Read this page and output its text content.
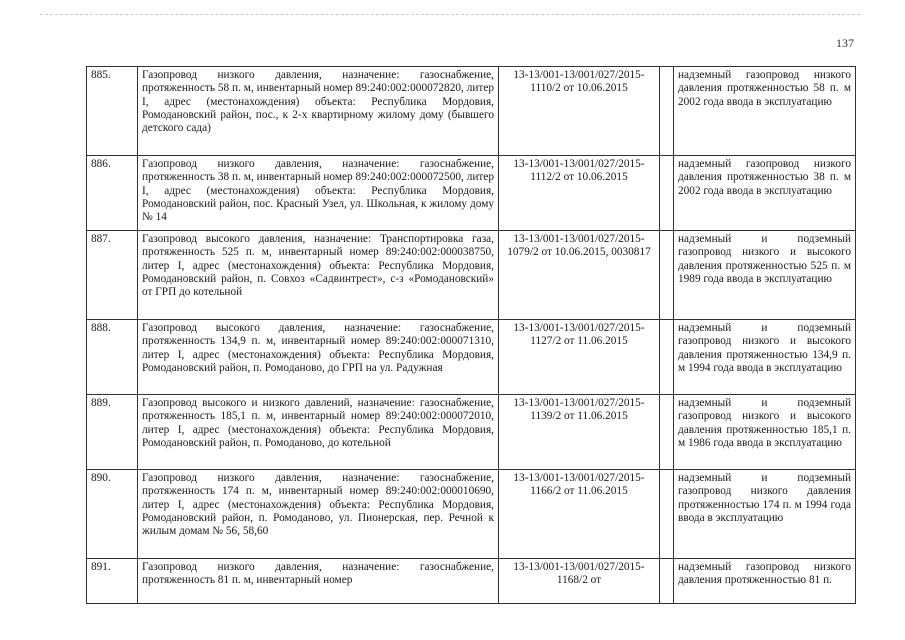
137
885.	Газопровод низкого давления, назначение: газоснабжение, протяженность 58 п. м, инвентарный номер 89:240:002:000072820, литер I, адрес (местонахождения) объекта: Республика Мордовия, Ромодановский район, пос., к 2-х квартирному жилому дому (бывшего детского сада)	13-13/001-13/001/027/2015-1110/2 от 10.06.2015		надземный газопровод низкого давления протяженностью 58 п. м 2002 года ввода в эксплуатацию
886.	Газопровод низкого давления, назначение: газоснабжение, протяженность 38 п. м, инвентарный номер 89:240:002:000072500, литер I, адрес (местонахождения) объекта: Республика Мордовия, Ромодановский район, пос. Красный Узел, ул. Школьная, к жилому дому № 14	13-13/001-13/001/027/2015-1112/2 от 10.06.2015		надземный газопровод низкого давления протяженностью 38 п. м 2002 года ввода в эксплуатацию
887.	Газопровод высокого давления, назначение: Транспортировка газа, протяженность 525 п. м, инвентарный номер 89:240:002:000038750, литер I, адрес (местонахождения) объекта: Республика Мордовия, Ромодановский район, п. Совхоз «Садвинтрест», с-з «Ромодановский» от ГРП до котельной	13-13/001-13/001/027/2015-1079/2 от 10.06.2015, 0030817		надземный и подземный газопровод низкого и высокого давления протяженностью 525 п. м 1989 года ввода в эксплуатацию
888.	Газопровод высокого давления, назначение: газоснабжение, протяженность 134,9 п. м, инвентарный номер 89:240:002:000071310, литер I, адрес (местонахождения) объекта: Республика Мордовия, Ромодановский район, п. Ромоданово, до ГРП на ул. Радужная	13-13/001-13/001/027/2015-1127/2 от 11.06.2015		надземный и подземный газопровод низкого и высокого давления протяженностью 134,9 п. м 1994 года ввода в эксплуатацию
889.	Газопровод высокого и низкого давлений, назначение: газоснабжение, протяженность 185,1 п. м, инвентарный номер 89:240:002:000072010, литер I, адрес (местонахождения) объекта: Республика Мордовия, Ромодановский район, п. Ромоданово, до котельной	13-13/001-13/001/027/2015-1139/2 от 11.06.2015		надземный и подземный газопровод низкого и высокого давления протяженностью 185,1 п. м 1986 года ввода в эксплуатацию
890.	Газопровод низкого давления, назначение: газоснабжение, протяженность 174 п. м, инвентарный номер 89:240:002:000010690, литер I, адрес (местонахождения) объекта: Республика Мордовия, Ромодановский район, п. Ромоданово, ул. Пионерская, пер. Речной к жилым домам № 56, 58,60	13-13/001-13/001/027/2015-1166/2 от 11.06.2015		надземный и подземный газопровод низкого давления протяженностью 174 п. м 1994 года ввода в эксплуатацию
891.	Газопровод низкого давления, назначение: газоснабжение, протяженность 81 п. м, инвентарный номер	13-13/001-13/001/027/2015-1168/2 от		надземный газопровод низкого давления протяженностью 81 п.
